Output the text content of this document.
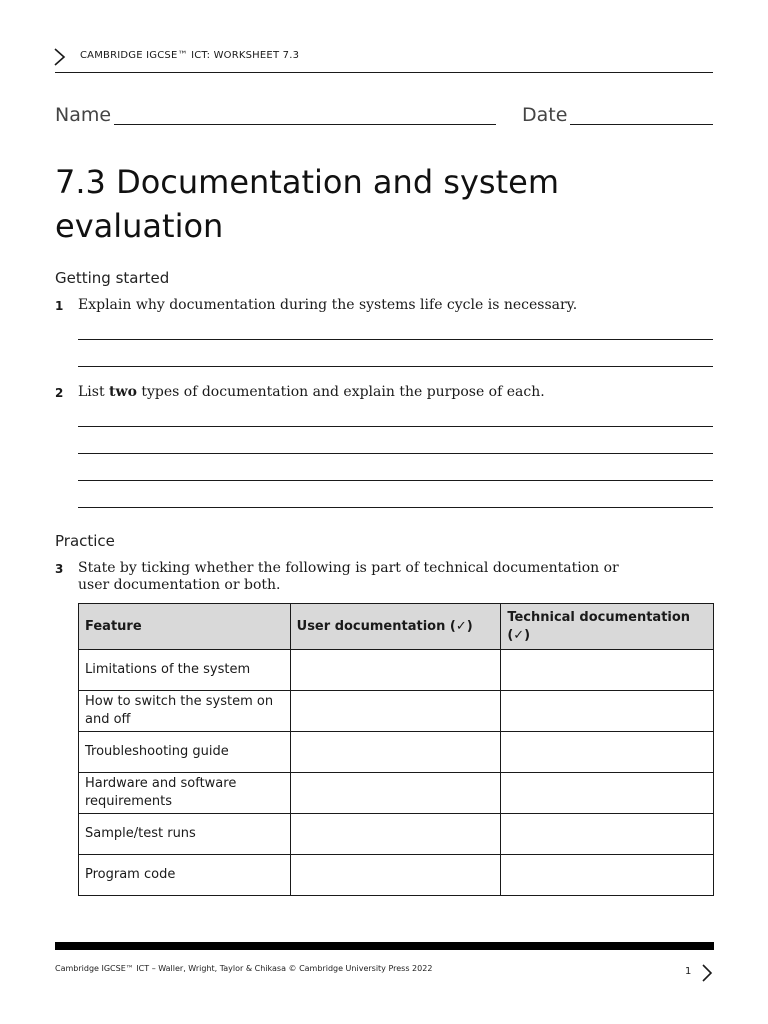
CAMBRIDGE IGCSE™ ICT: WORKSHEET 7.3
Name	Date
7.3 Documentation and system evaluation
Getting started
1 Explain why documentation during the systems life cycle is necessary.
2 List two types of documentation and explain the purpose of each.
Practice
3 State by ticking whether the following is part of technical documentation or user documentation or both.
Feature	User documentation (✓)	Technical documentation (✓)
Limitations of the system		
How to switch the system on and off		
Troubleshooting guide		
Hardware and software requirements		
Sample/test runs		
Program code		
Cambridge IGCSE™ ICT – Waller, Wright, Taylor & Chikasa © Cambridge University Press 2022	1
